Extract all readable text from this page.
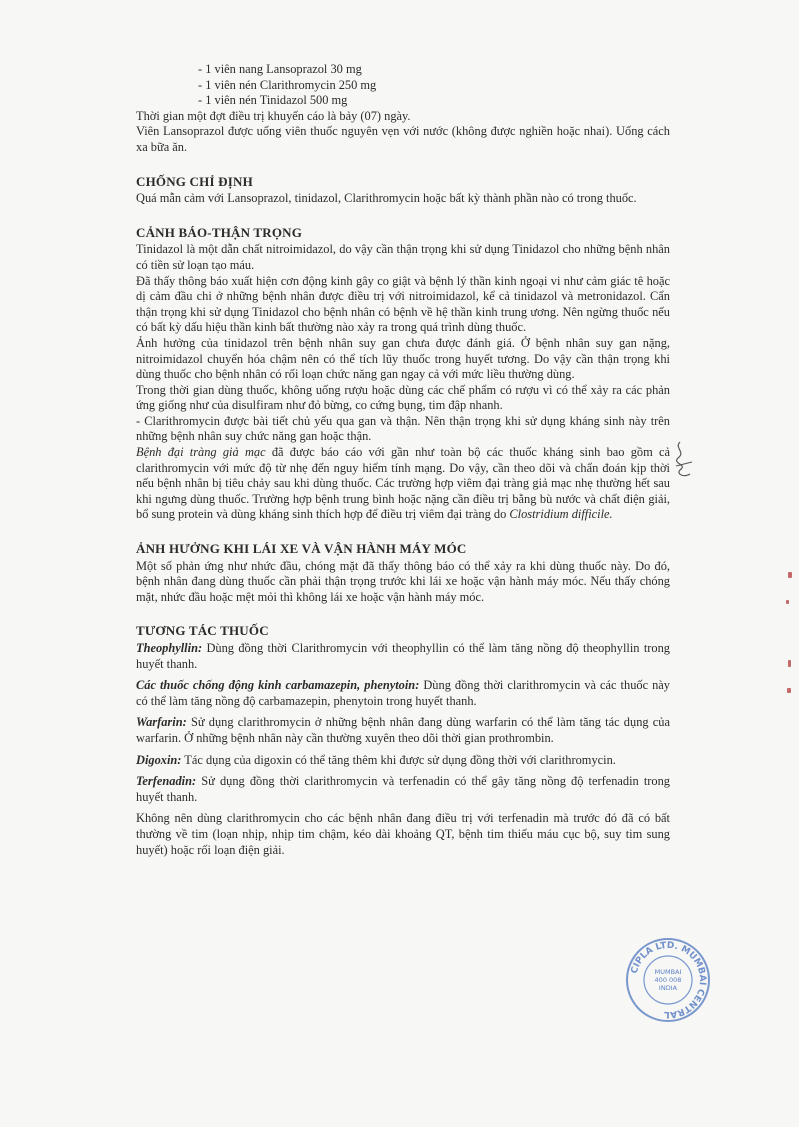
- 1 viên nang Lansoprazol 30 mg

- 1 viên nén Clarithromycin 250 mg

- 1 viên nén Tinidazol 500 mg

Thời gian một đợt điều trị khuyến cáo là bảy (07) ngày.

Viên Lansoprazol được uống viên thuốc nguyên vẹn với nước (không được nghiền hoặc nhai). Uống cách xa bữa ăn.

CHỐNG CHỈ ĐỊNH

Quá mẫn cảm với Lansoprazol, tinidazol, Clarithromycin hoặc bất kỳ thành phần nào có trong thuốc.

CẢNH BÁO-THẬN TRỌNG

Tinidazol là một dẫn chất nitroimidazol, do vậy cần thận trọng khi sử dụng Tinidazol cho những bệnh nhân có tiền sử loạn tạo máu.

Đã thấy thông báo xuất hiện cơn động kinh gây co giật và bệnh lý thần kinh ngoại vi như cảm giác tê hoặc dị cảm đầu chi ở những bệnh nhân được điều trị với nitroimidazol, kể cả tinidazol và metronidazol. Cẩn thận trọng khi sử dụng Tinidazol cho bệnh nhân có bệnh về hệ thần kinh trung ương. Nên ngừng thuốc nếu có bất kỳ dấu hiệu thần kinh bất thường nào xảy ra trong quá trình dùng thuốc.

Ảnh hưởng của tinidazol trên bệnh nhân suy gan chưa được đánh giá. Ở bệnh nhân suy gan nặng, nitroimidazol chuyển hóa chậm nên có thể tích lũy thuốc trong huyết tương. Do vậy cần thận trọng khi dùng thuốc cho bệnh nhân có rối loạn chức năng gan ngay cả với mức liều thường dùng.

Trong thời gian dùng thuốc, không uống rượu hoặc dùng các chế phẩm có rượu vì có thể xảy ra các phản ứng giống như của disulfiram như đỏ bừng, co cứng bụng, tim đập nhanh.

- Clarithromycin được bài tiết chủ yếu qua gan và thận. Nên thận trọng khi sử dụng kháng sinh này trên những bệnh nhân suy chức năng gan hoặc thận.

Bệnh đại tràng giả mạc đã được báo cáo với gần như toàn bộ các thuốc kháng sinh bao gồm cả clarithromycin với mức độ từ nhẹ đến nguy hiểm tính mạng. Do vậy, cần theo dõi và chẩn đoán kịp thời nếu bệnh nhân bị tiêu chảy sau khi dùng thuốc. Các trường hợp viêm đại tràng giả mạc nhẹ thường hết sau khi ngưng dùng thuốc. Trường hợp bệnh trung bình hoặc nặng cần điều trị bằng bù nước và chất điện giải, bổ sung protein và dùng kháng sinh thích hợp để điều trị viêm đại tràng do Clostridium difficile.

ẢNH HƯỞNG KHI LÁI XE VÀ VẬN HÀNH MÁY MÓC

Một số phản ứng như nhức đầu, chóng mặt đã thấy thông báo có thể xảy ra khi dùng thuốc này. Do đó, bệnh nhân đang dùng thuốc cần phải thận trọng trước khi lái xe hoặc vận hành máy móc. Nếu thấy chóng mặt, nhức đầu hoặc mệt mỏi thì không lái xe hoặc vận hành máy móc.

TƯƠNG TÁC THUỐC

Theophyllin: Dùng đồng thời Clarithromycin với theophyllin có thể làm tăng nồng độ theophyllin trong huyết thanh.

Các thuốc chống động kinh carbamazepin, phenytoin: Dùng đồng thời clarithromycin và các thuốc này có thể làm tăng nồng độ carbamazepin, phenytoin trong huyết thanh.

Warfarin: Sử dụng clarithromycin ở những bệnh nhân đang dùng warfarin có thể làm tăng tác dụng của warfarin. Ở những bệnh nhân này cần thường xuyên theo dõi thời gian prothrombin.

Digoxin: Tác dụng của digoxin có thể tăng thêm khi được sử dụng đồng thời với clarithromycin.

Terfenadin: Sử dụng đồng thời clarithromycin và terfenadin có thể gây tăng nồng độ terfenadin trong huyết thanh.

Không nên dùng clarithromycin cho các bệnh nhân đang điều trị với terfenadin mà trước đó đã có bất thường về tim (loạn nhịp, nhịp tim chậm, kéo dài khoảng QT, bệnh tim thiếu máu cục bộ, suy tim sung huyết) hoặc rối loạn điện giải.

CIPLA LTD. MUMBAI CENTRAL
MUMBAI
400 008
INDIA
